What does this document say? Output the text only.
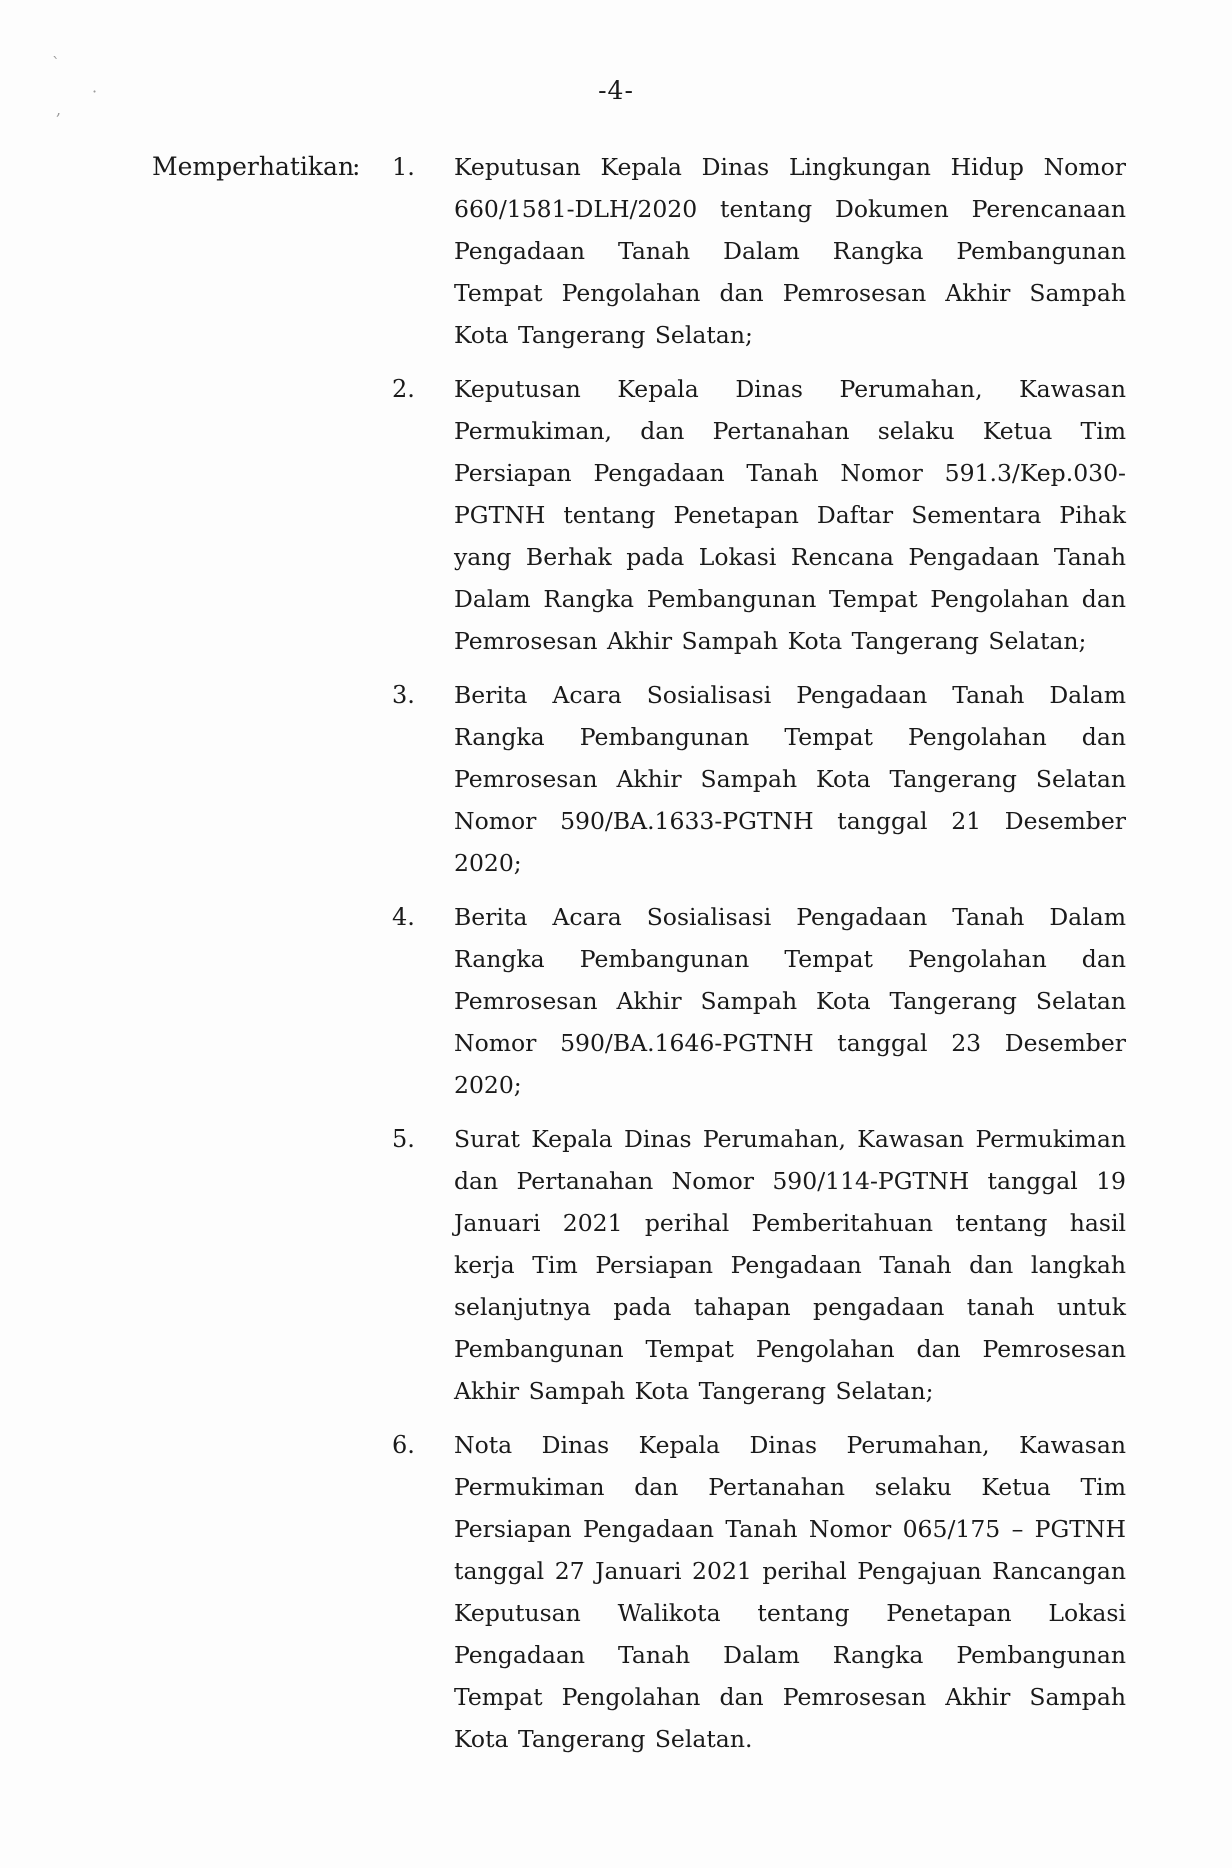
`
·
,
-4-
Memperhatikan
: 1.	Keputusan Kepala Dinas Lingkungan Hidup Nomor 660/1581-DLH/2020 tentang Dokumen Perencanaan Pengadaan Tanah Dalam Rangka Pembangunan Tempat Pengolahan dan Pemrosesan Akhir Sampah Kota Tangerang Selatan;
2.	Keputusan Kepala Dinas Perumahan, Kawasan Permukiman, dan Pertanahan selaku Ketua Tim Persiapan Pengadaan Tanah Nomor 591.3/Kep.030-PGTNH tentang Penetapan Daftar Sementara Pihak yang Berhak pada Lokasi Rencana Pengadaan Tanah Dalam Rangka Pembangunan Tempat Pengolahan dan Pemrosesan Akhir Sampah Kota Tangerang Selatan;
3.	Berita Acara Sosialisasi Pengadaan Tanah Dalam Rangka Pembangunan Tempat Pengolahan dan Pemrosesan Akhir Sampah Kota Tangerang Selatan Nomor 590/BA.1633-PGTNH tanggal 21 Desember 2020;
4.	Berita Acara Sosialisasi Pengadaan Tanah Dalam Rangka Pembangunan Tempat Pengolahan dan Pemrosesan Akhir Sampah Kota Tangerang Selatan Nomor 590/BA.1646-PGTNH tanggal 23 Desember 2020;
5.	Surat Kepala Dinas Perumahan, Kawasan Permukiman dan Pertanahan Nomor 590/114-PGTNH tanggal 19 Januari 2021 perihal Pemberitahuan tentang hasil kerja Tim Persiapan Pengadaan Tanah dan langkah selanjutnya pada tahapan pengadaan tanah untuk Pembangunan Tempat Pengolahan dan Pemrosesan Akhir Sampah Kota Tangerang Selatan;
6.	Nota Dinas Kepala Dinas Perumahan, Kawasan Permukiman dan Pertanahan selaku Ketua Tim Persiapan Pengadaan Tanah Nomor 065/175 – PGTNH tanggal 27 Januari 2021 perihal Pengajuan Rancangan Keputusan Walikota tentang Penetapan Lokasi Pengadaan Tanah Dalam Rangka Pembangunan Tempat Pengolahan dan Pemrosesan Akhir Sampah Kota Tangerang Selatan.
